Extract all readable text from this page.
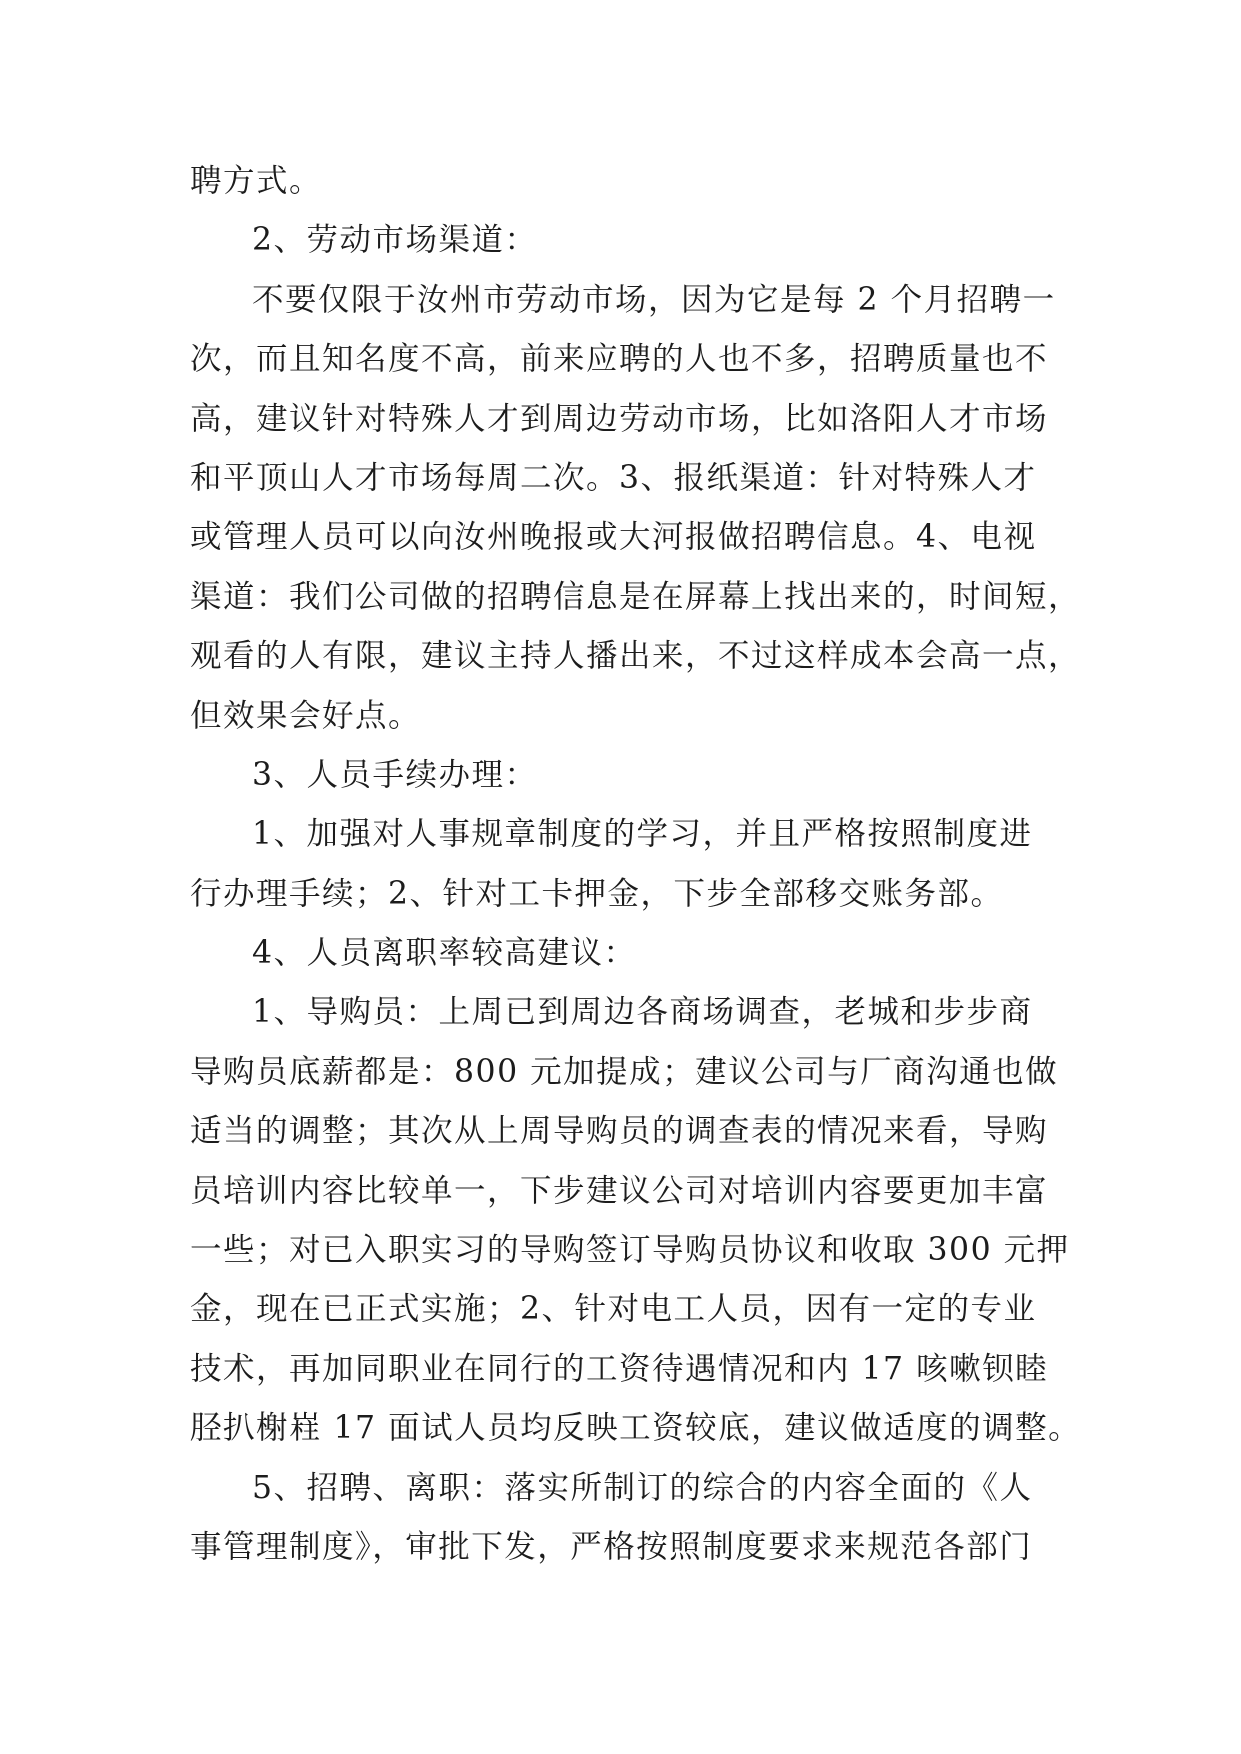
聘方式。
2、劳动市场渠道：
不要仅限于汝州市劳动市场，因为它是每 2 个月招聘一
次，而且知名度不高，前来应聘的人也不多，招聘质量也不
高，建议针对特殊人才到周边劳动市场，比如洛阳人才市场
和平顶山人才市场每周二次。3、报纸渠道：针对特殊人才
或管理人员可以向汝州晚报或大河报做招聘信息。4、电视
渠道：我们公司做的招聘信息是在屏幕上找出来的，时间短，
观看的人有限，建议主持人播出来，不过这样成本会高一点，
但效果会好点。
3、人员手续办理：
1、加强对人事规章制度的学习，并且严格按照制度进
行办理手续；2、针对工卡押金，下步全部移交账务部。
4、人员离职率较高建议：
1、导购员：上周已到周边各商场调查，老城和步步商
导购员底薪都是：800 元加提成；建议公司与厂商沟通也做
适当的调整；其次从上周导购员的调查表的情况来看，导购
员培训内容比较单一，下步建议公司对培训内容要更加丰富
一些；对已入职实习的导购签订导购员协议和收取 300 元押
金，现在已正式实施；2、针对电工人员，因有一定的专业
技术，再加同职业在同行的工资待遇情况和内 17 咳嗽钡睦
胫扒榭嵀 17 面试人员均反映工资较底，建议做适度的调整。
5、招聘、离职：落实所制订的综合的内容全面的《人
事管理制度》，审批下发，严格按照制度要求来规范各部门
